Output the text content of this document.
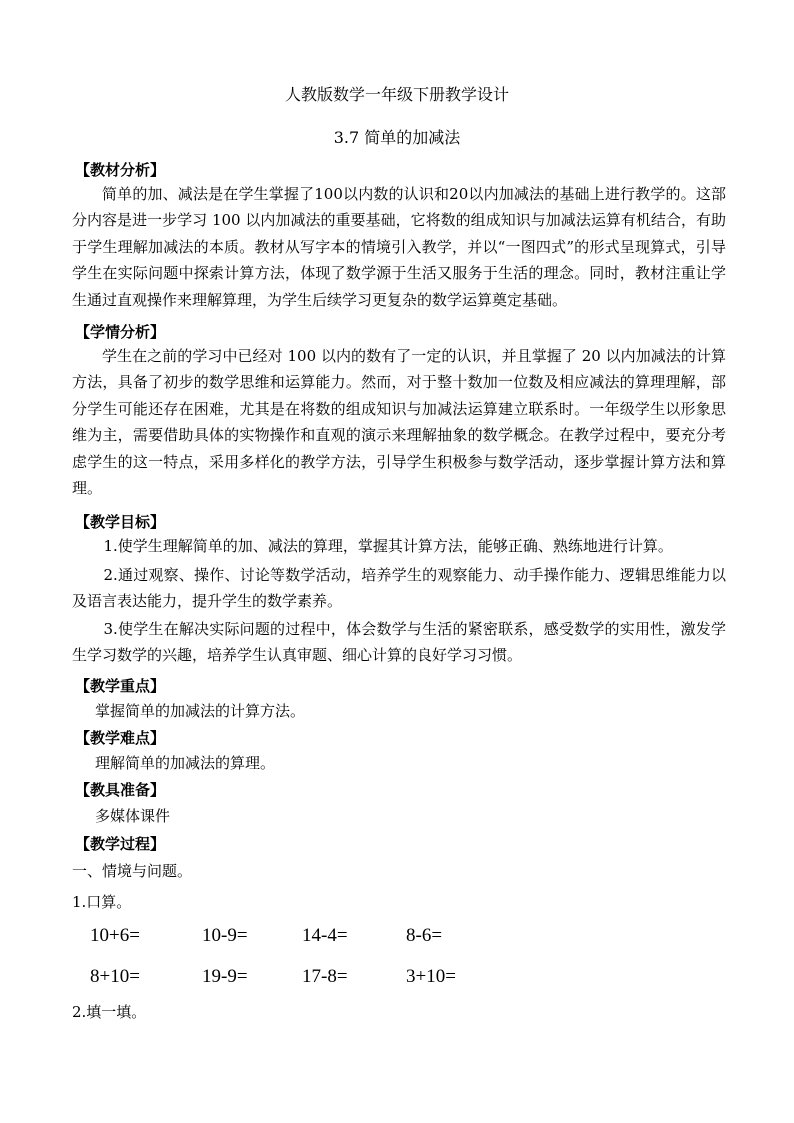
人教版数学一年级下册教学设计
3.7 简单的加减法
【教材分析】
简单的加、减法是在学生掌握了100以内数的认识和20以内加减法的基础上进行教学的。这部分内容是进一步学习 100 以内加减法的重要基础，它将数的组成知识与加减法运算有机结合，有助于学生理解加减法的本质。教材从写字本的情境引入教学，并以“一图四式”的形式呈现算式，引导学生在实际问题中探索计算方法，体现了数学源于生活又服务于生活的理念。同时，教材注重让学生通过直观操作来理解算理，为学生后续学习更复杂的数学运算奠定基础。
【学情分析】
学生在之前的学习中已经对 100 以内的数有了一定的认识，并且掌握了 20 以内加减法的计算方法，具备了初步的数学思维和运算能力。然而，对于整十数加一位数及相应减法的算理理解，部分学生可能还存在困难，尤其是在将数的组成知识与加减法运算建立联系时。一年级学生以形象思维为主，需要借助具体的实物操作和直观的演示来理解抽象的数学概念。在教学过程中，要充分考虑学生的这一特点，采用多样化的教学方法，引导学生积极参与数学活动，逐步掌握计算方法和算理。
【教学目标】
1.使学生理解简单的加、减法的算理，掌握其计算方法，能够正确、熟练地进行计算。
2.通过观察、操作、讨论等数学活动，培养学生的观察能力、动手操作能力、逻辑思维能力以及语言表达能力，提升学生的数学素养。
3.使学生在解决实际问题的过程中，体会数学与生活的紧密联系，感受数学的实用性，激发学生学习数学的兴趣，培养学生认真审题、细心计算的良好学习习惯。
【教学重点】
掌握简单的加减法的计算方法。
【教学难点】
理解简单的加减法的算理。
【教具准备】
多媒体课件
【教学过程】
一、情境与问题。
1.口算。
10+6=	10-9=	14-4=	8-6=
8+10=	19-9=	17-8=	3+10=
2.填一填。
